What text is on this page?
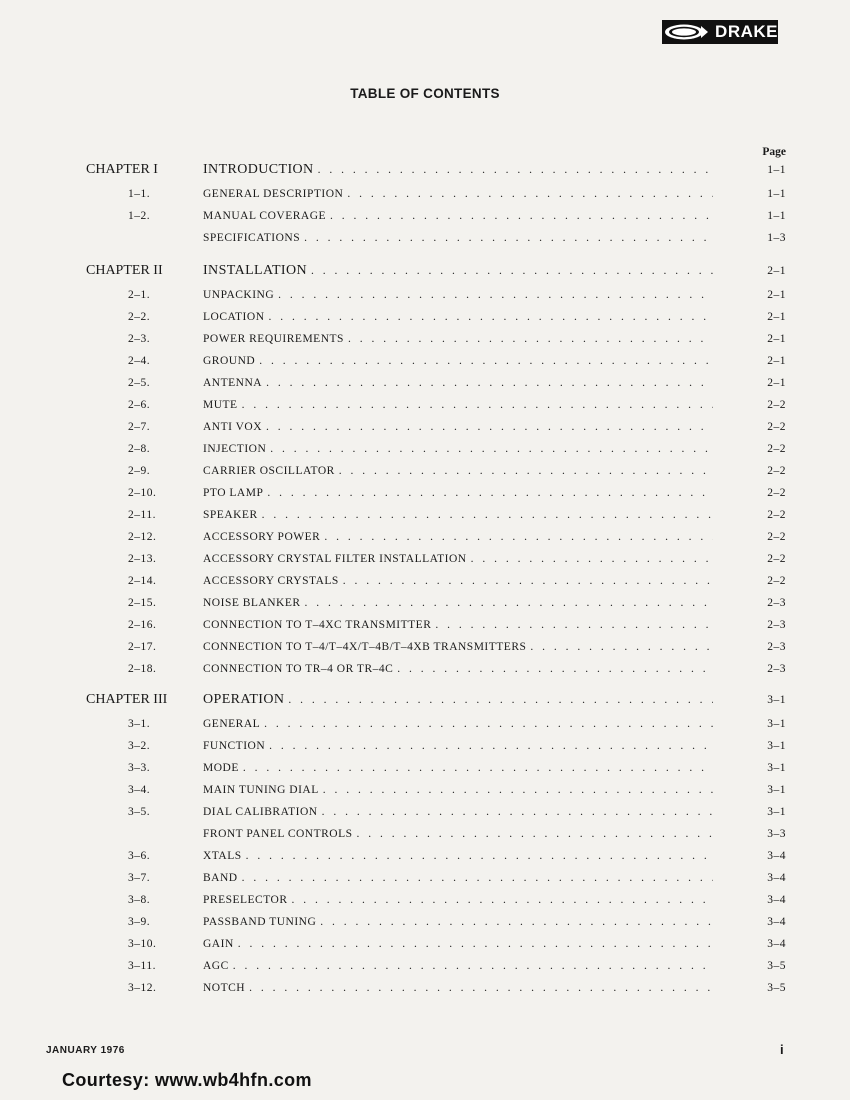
DRAKE
TABLE OF CONTENTS
Page
CHAPTER I	INTRODUCTION . . .	1–1
1–1.	GENERAL DESCRIPTION . . .	1–1
1–2.	MANUAL COVERAGE . . .	1–1
SPECIFICATIONS . . .	1–3
CHAPTER II	INSTALLATION . . .	2–1
2–1.	UNPACKING . . .	2–1
2–2.	LOCATION . . .	2–1
2–3.	POWER REQUIREMENTS . . .	2–1
2–4.	GROUND . . .	2–1
2–5.	ANTENNA . . .	2–1
2–6.	MUTE . . .	2–2
2–7.	ANTI VOX . . .	2–2
2–8.	INJECTION . . .	2–2
2–9.	CARRIER OSCILLATOR . . .	2–2
2–10.	PTO LAMP . . .	2–2
2–11.	SPEAKER . . .	2–2
2–12.	ACCESSORY POWER . . .	2–2
2–13.	ACCESSORY CRYSTAL FILTER INSTALLATION . . .	2–2
2–14.	ACCESSORY CRYSTALS . . .	2–2
2–15.	NOISE BLANKER . . .	2–3
2–16.	CONNECTION TO T–4XC TRANSMITTER . . .	2–3
2–17.	CONNECTION TO T–4/T–4X/T–4B/T–4XB TRANSMITTERS . . .	2–3
2–18.	CONNECTION TO TR–4 OR TR–4C . . .	2–3
CHAPTER III	OPERATION . . .	3–1
3–1.	GENERAL . . .	3–1
3–2.	FUNCTION . . .	3–1
3–3.	MODE . . .	3–1
3–4.	MAIN TUNING DIAL . . .	3–1
3–5.	DIAL CALIBRATION . . .	3–1
FRONT PANEL CONTROLS . . .	3–3
3–6.	XTALS . . .	3–4
3–7.	BAND . . .	3–4
3–8.	PRESELECTOR . . .	3–4
3–9.	PASSBAND TUNING . . .	3–4
3–10.	GAIN . . .	3–4
3–11.	AGC . . .	3–5
3–12.	NOTCH . . .	3–5
JANUARY 1976	i
Courtesy: www.wb4hfn.com
